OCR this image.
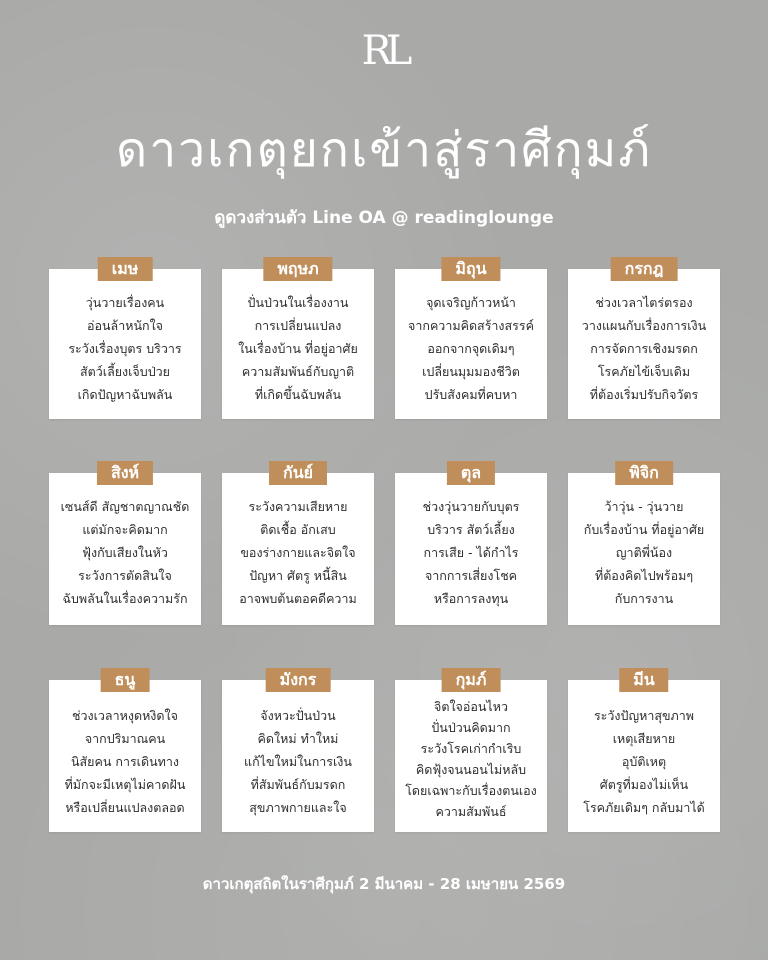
RL
ดาวเกตุยกเข้าสู่ราศีกุมภ์
ดูดวงส่วนตัว Line OA @ readinglounge
เมษ
วุ่นวายเรื่องคน
อ่อนล้าหนักใจ
ระวังเรื่องบุตร บริวาร
สัตว์เลี้ยงเจ็บป่วย
เกิดปัญหาฉับพลัน
พฤษภ
ปั่นป่วนในเรื่องงาน
การเปลี่ยนแปลง
ในเรื่องบ้าน ที่อยู่อาศัย
ความสัมพันธ์กับญาติ
ที่เกิดขึ้นฉับพลัน
มิถุน
จุดเจริญก้าวหน้า
จากความคิดสร้างสรรค์
ออกจากจุดเดิมๆ
เปลี่ยนมุมมองชีวิต
ปรับสังคมที่คบหา
กรกฎ
ช่วงเวลาไตร่ตรอง
วางแผนกับเรื่องการเงิน
การจัดการเชิงมรดก
โรคภัยไข้เจ็บเดิม
ที่ต้องเริ่มปรับกิจวัตร
สิงห์
เซนส์ดี สัญชาตญาณชัด
แต่มักจะคิดมาก
ฟุ้งกับเสียงในหัว
ระวังการตัดสินใจ
ฉับพลันในเรื่องความรัก
กันย์
ระวังความเสียหาย
ติดเชื้อ อักเสบ
ของร่างกายและจิตใจ
ปัญหา ศัตรู หนี้สิน
อาจพบต้นตอคดีความ
ตุล
ช่วงวุ่นวายกับบุตร
บริวาร สัตว์เลี้ยง
การเสีย - ได้กำไร
จากการเสี่ยงโชค
หรือการลงทุน
พิจิก
ว้าวุ่น - วุ่นวาย
กับเรื่องบ้าน ที่อยู่อาศัย
ญาติพี่น้อง
ที่ต้องคิดไปพร้อมๆ
กับการงาน
ธนู
ช่วงเวลาหงุดหงิดใจ
จากปริมาณคน
นิสัยคน การเดินทาง
ที่มักจะมีเหตุไม่คาดฝัน
หรือเปลี่ยนแปลงตลอด
มังกร
จังหวะปั่นป่วน
คิดใหม่ ทำใหม่
แก้ไขใหม่ในการเงิน
ที่สัมพันธ์กับมรดก
สุขภาพกายและใจ
กุมภ์
จิตใจอ่อนไหว
ปั่นป่วนคิดมาก
ระวังโรคเก่ากำเริบ
คิดฟุ้งจนนอนไม่หลับ
โดยเฉพาะกับเรื่องตนเอง
ความสัมพันธ์
มีน
ระวังปัญหาสุขภาพ
เหตุเสียหาย
อุบัติเหตุ
ศัตรูที่มองไม่เห็น
โรคภัยเดิมๆ กลับมาได้
ดาวเกตุสถิตในราศีกุมภ์ 2 มีนาคม - 28 เมษายน 2569
